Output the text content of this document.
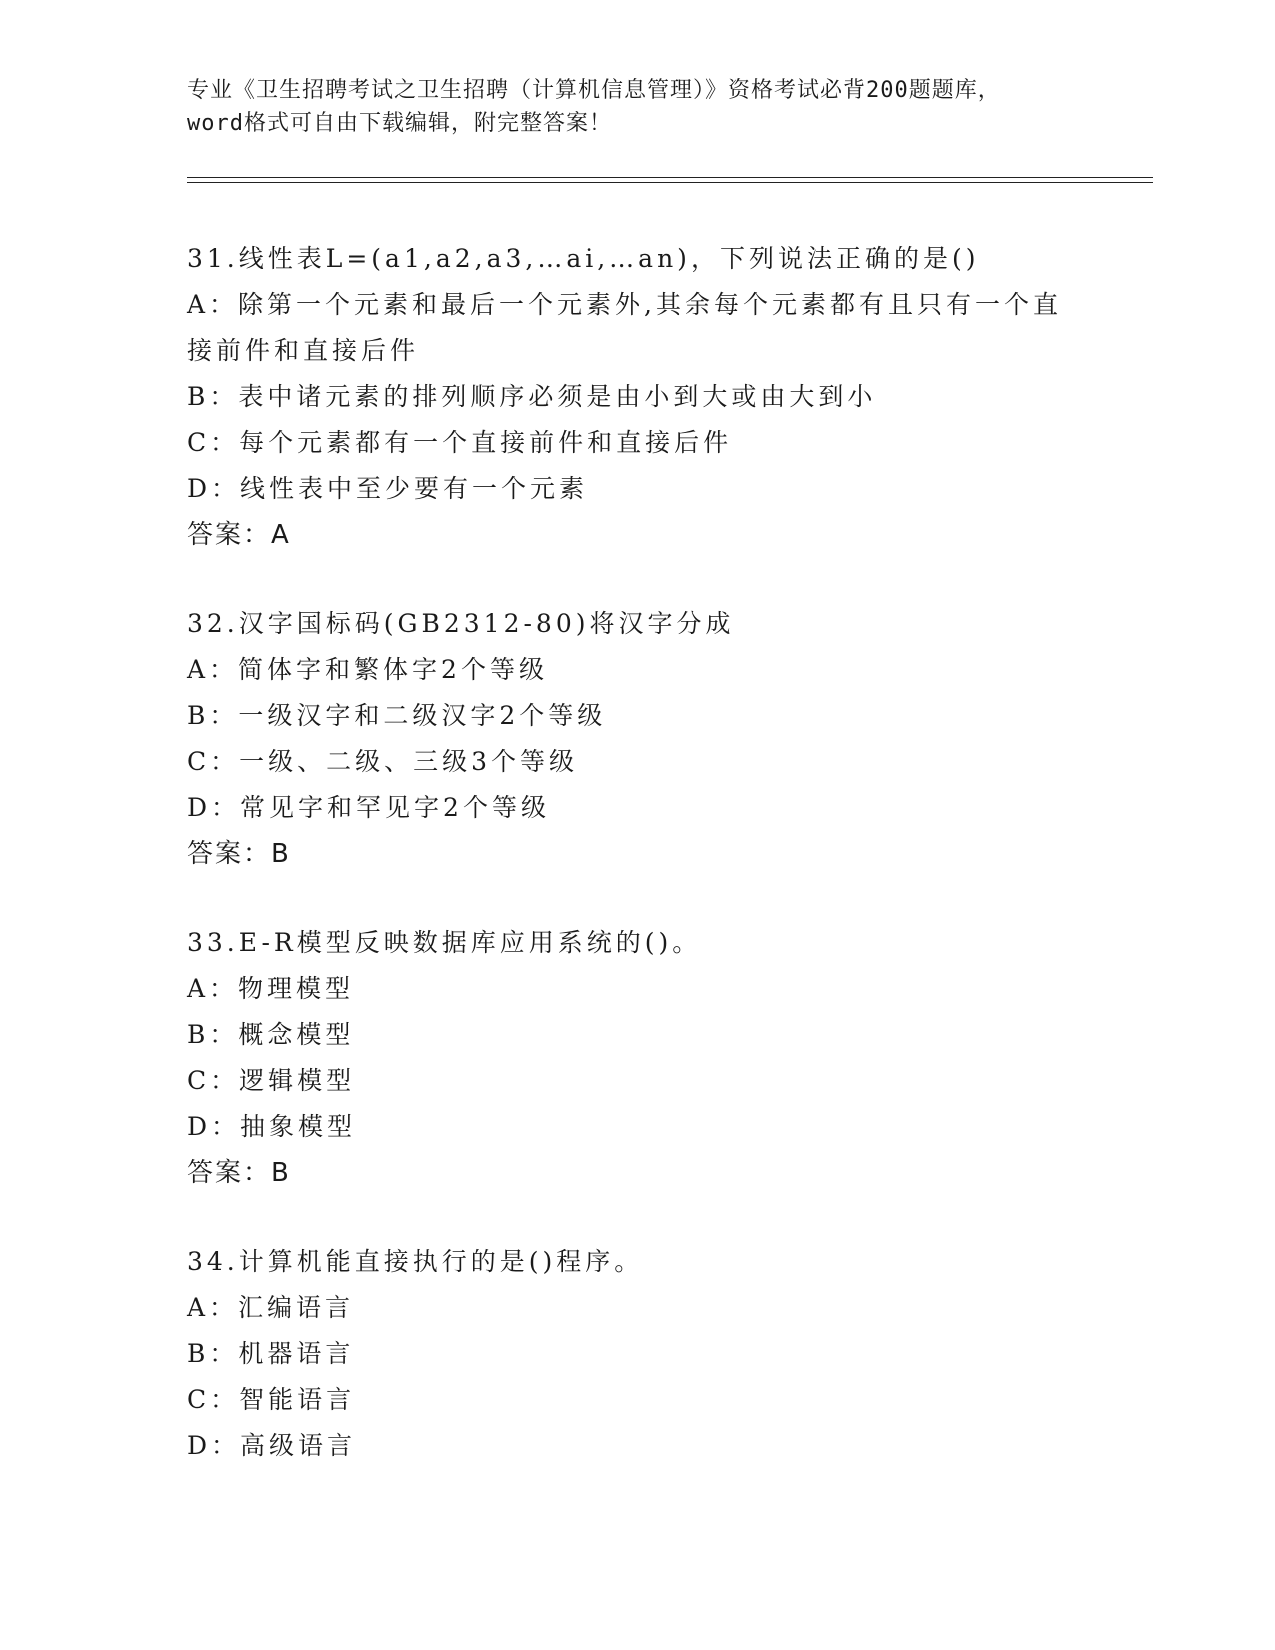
专业《卫生招聘考试之卫生招聘（计算机信息管理）》资格考试必背200题题库，
word格式可自由下载编辑，附完整答案！
31.线性表L=(a1,a2,a3,…ai,…an)，下列说法正确的是()
A：除第一个元素和最后一个元素外,其余每个元素都有且只有一个直
接前件和直接后件
B：表中诸元素的排列顺序必须是由小到大或由大到小
C：每个元素都有一个直接前件和直接后件
D：线性表中至少要有一个元素
答案：A
32.汉字国标码(GB2312-80)将汉字分成
A：简体字和繁体字2个等级
B：一级汉字和二级汉字2个等级
C：一级、二级、三级3个等级
D：常见字和罕见字2个等级
答案：B
33.E-R模型反映数据库应用系统的()。
A：物理模型
B：概念模型
C：逻辑模型
D：抽象模型
答案：B
34.计算机能直接执行的是()程序。
A：汇编语言
B：机器语言
C：智能语言
D：高级语言
